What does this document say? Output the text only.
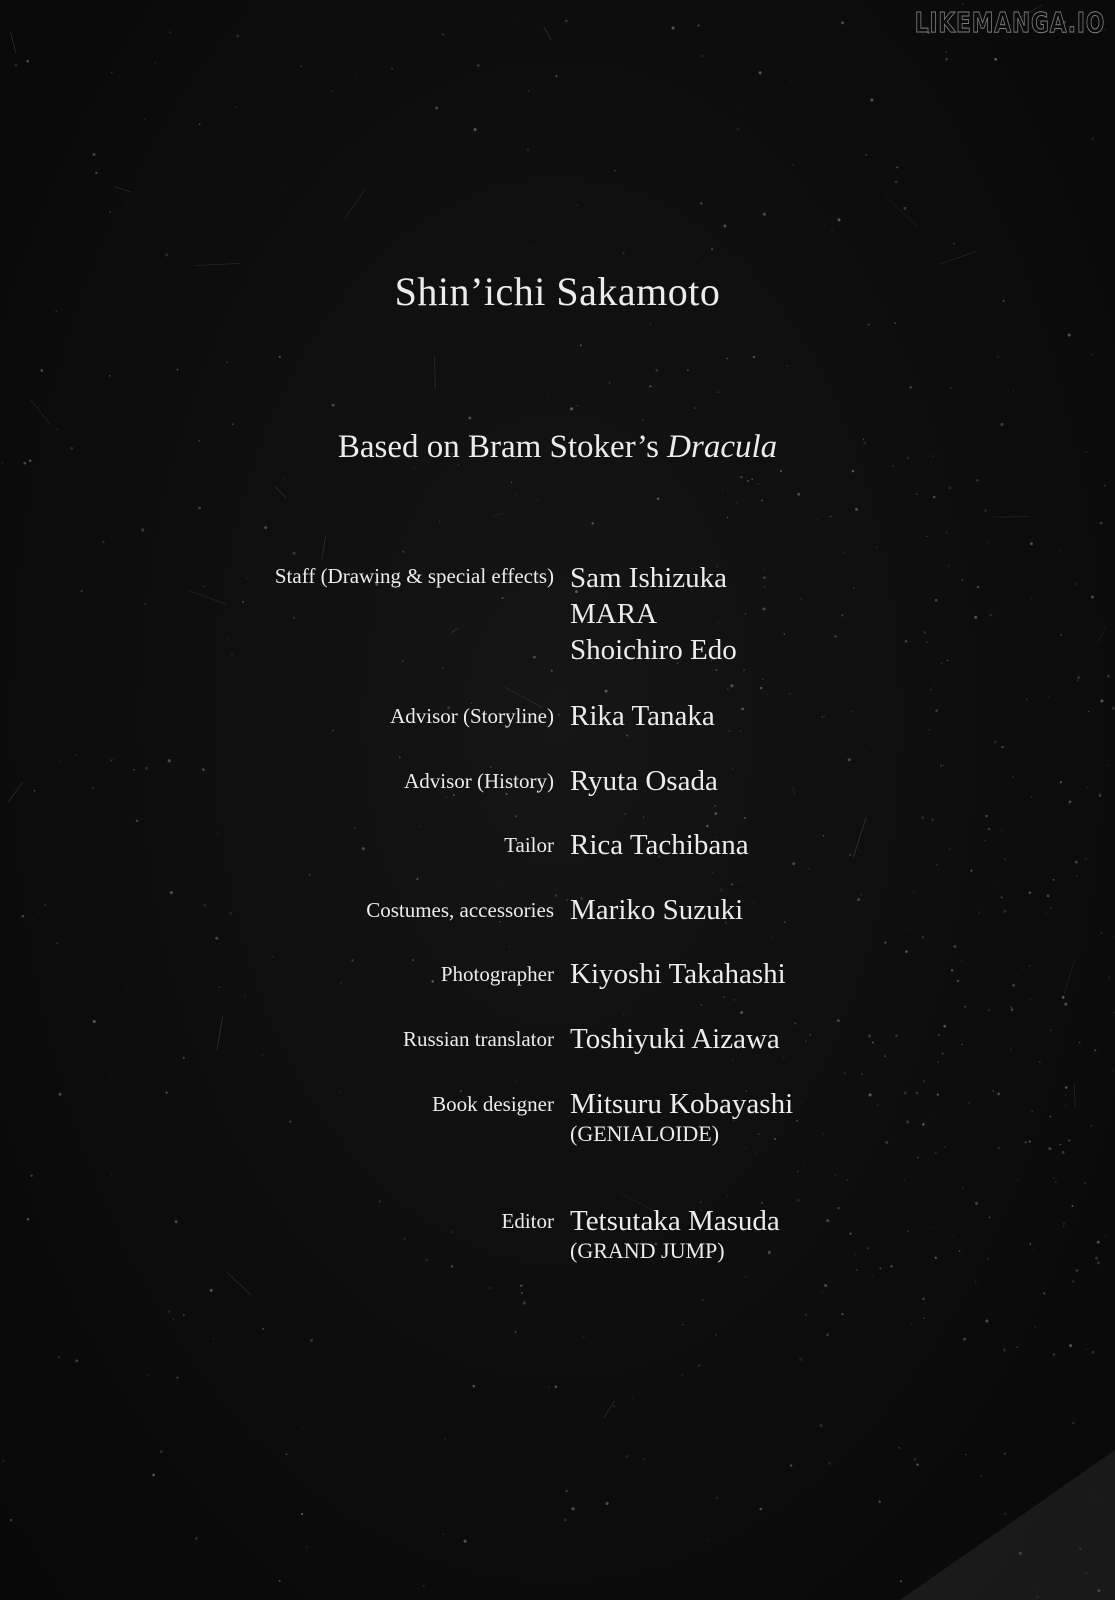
LIKEMANGA.IO
Shin’ichi Sakamoto
Based on Bram Stoker’s Dracula
Staff (Drawing & special effects) Sam Ishizuka
MARA
Shoichiro Edo
Advisor (Storyline) Rika Tanaka
Advisor (History) Ryuta Osada
Tailor Rica Tachibana
Costumes, accessories Mariko Suzuki
Photographer Kiyoshi Takahashi
Russian translator Toshiyuki Aizawa
Book designer Mitsuru Kobayashi
(GENIALOIDE)
Editor Tetsutaka Masuda
(GRAND JUMP)
